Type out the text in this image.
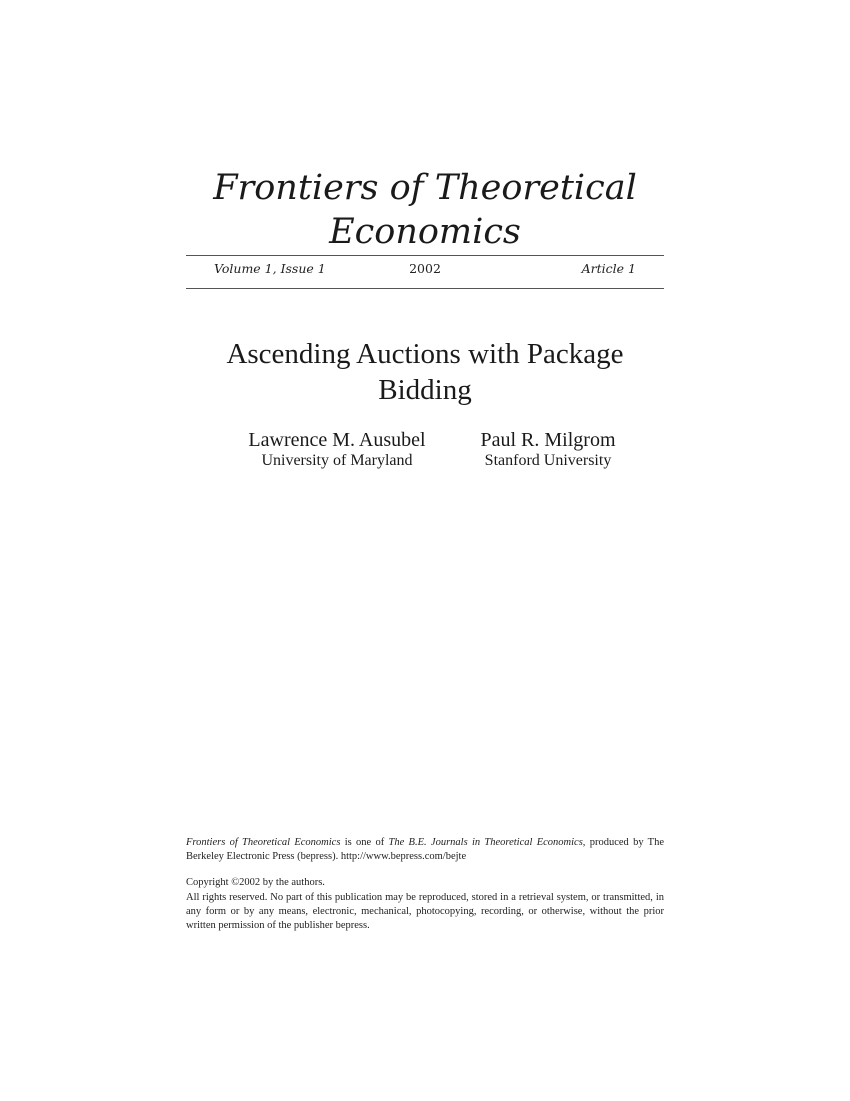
Frontiers of Theoretical Economics
Volume 1, Issue 1	2002	Article 1
Ascending Auctions with Package Bidding
Lawrence M. Ausubel
University of Maryland
Paul R. Milgrom
Stanford University

Frontiers of Theoretical Economics is one of The B.E. Journals in Theoretical Economics, produced by The Berkeley Electronic Press (bepress). http://www.bepress.com/bejte

Copyright ©2002 by the authors.

All rights reserved. No part of this publication may be reproduced, stored in a retrieval system, or transmitted, in any form or by any means, electronic, mechanical, photocopying, recording, or otherwise, without the prior written permission of the publisher bepress.
